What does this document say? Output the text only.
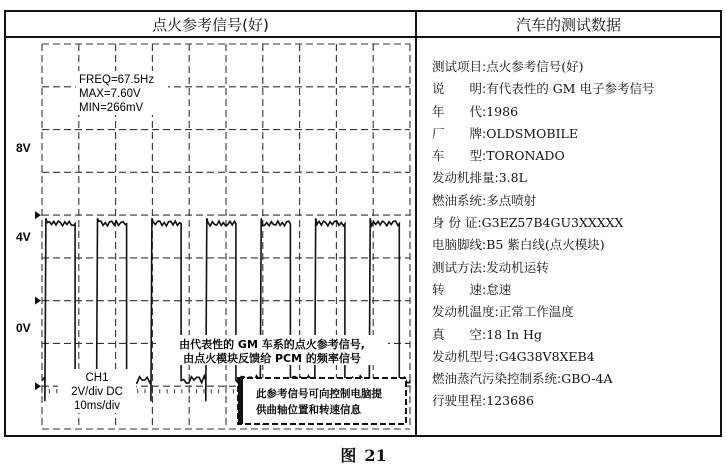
点火参考信号(好)	汽车的测试数据
8V
4V
0V
FREQ=67.5Hz
MAX=7.60V
MIN=266mV
由代表性的 GM 车系的点火参考信号,
由点火模块反馈给 PCM 的频率信号
CH1
2V/div DC
10ms/div
此参考信号可向控制电脑提
供曲轴位置和转速信息
测试项目:点火参考信号(好)
说　　明:有代表性的 GM 电子参考信号
年　　代:1986
厂　　牌:OLDSMOBILE
车　　型:TORONADO
发动机排量:3.8L
燃油系统:多点喷射
身 份 证:G3EZ57B4GU3XXXXX
电脑脚线:B5 紫白线(点火模块)
测试方法:发动机运转
转　　速:怠速
发动机温度:正常工作温度
真　　空:18 In Hg
发动机型号:G4G38V8XEB4
燃油蒸汽污染控制系统:GBO-4A
行驶里程:123686
图 21
